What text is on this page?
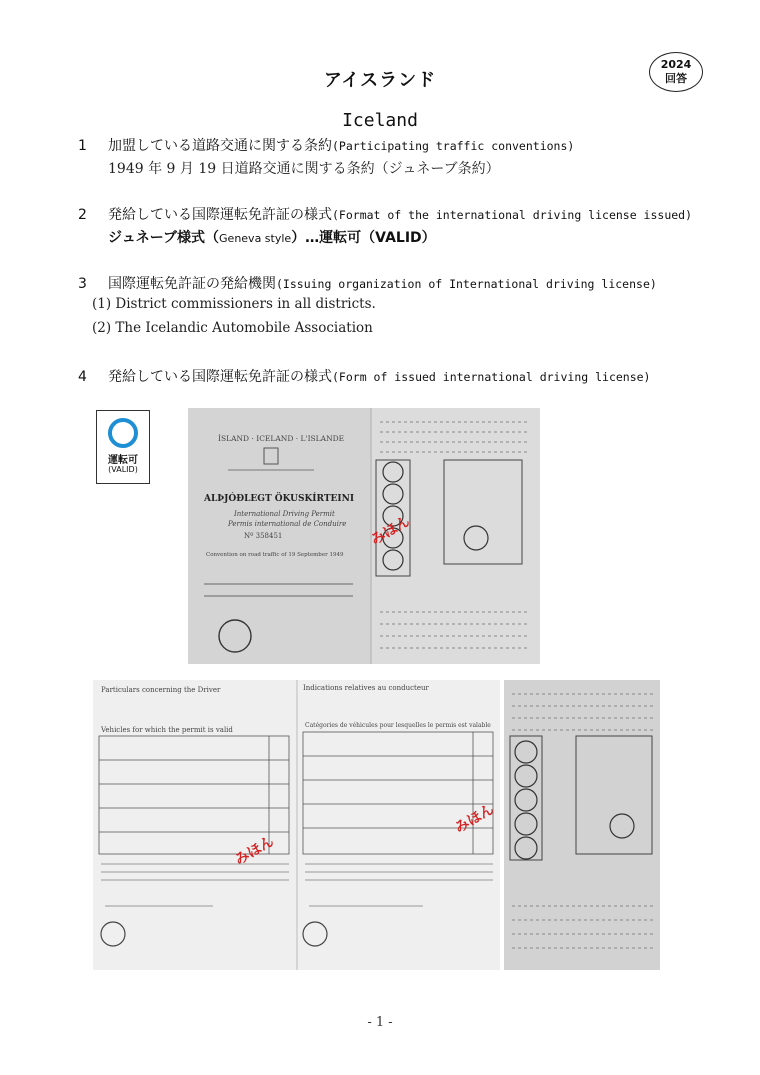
2024
回答
アイスランド
Iceland
1 加盟している道路交通に関する条約(Participating traffic conventions)
1949 年 9 月 19 日道路交通に関する条約（ジュネーブ条約）
2 発給している国際運転免許証の様式(Format of the international driving license issued)
ジュネーブ様式（Geneva style）…運転可（VALID）
3 国際運転免許証の発給機関(Issuing organization of International driving license)
(1) District commissioners in all districts.
(2) The Icelandic Automobile Association
4 発給している国際運転免許証の様式(Form of issued international driving license)
運転可
(VALID)
ÍSLAND · ICELAND · L'ISLANDE
ALÞJÓÐLEGT ÖKUSKÍRTEINI
International Driving Permit
Permis international de Conduire
Nº 358451
Convention on road traffic of 19 September 1949
みほん
Particulars concerning the Driver	Indications relatives au conducteur
Vehicles for which the permit is valid
Catégories de véhicules pour lesquelles le permis est valable
みほん
みほん
- 1 -
